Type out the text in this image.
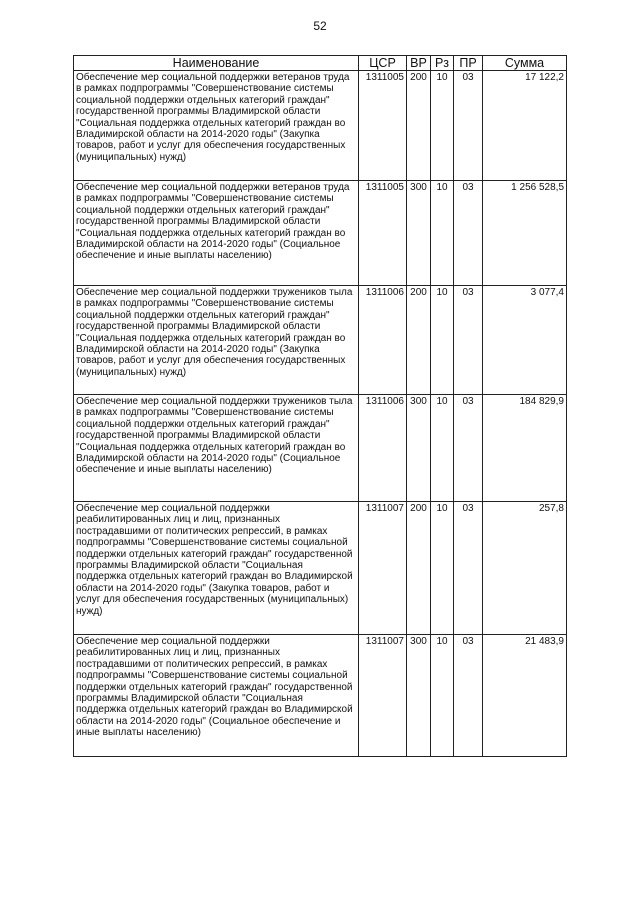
52
Наименование	ЦСР	ВР	Рз	ПР	Сумма
Обеспечение мер социальной поддержки ветеранов труда в рамках подпрограммы "Совершенствование системы социальной поддержки отдельных категорий граждан" государственной программы Владимирской области "Социальная поддержка отдельных категорий граждан во Владимирской области на 2014-2020 годы" (Закупка товаров, работ и услуг для обеспечения государственных (муниципальных) нужд)	1311005	200	10	03	17 122,2
Обеспечение мер социальной поддержки ветеранов труда в рамках подпрограммы "Совершенствование системы социальной поддержки отдельных категорий граждан" государственной программы Владимирской области "Социальная поддержка отдельных категорий граждан во Владимирской области на 2014-2020 годы" (Социальное обеспечение и иные выплаты населению)	1311005	300	10	03	1 256 528,5
Обеспечение мер социальной поддержки тружеников тыла в рамках подпрограммы "Совершенствование системы социальной поддержки отдельных категорий граждан" государственной программы Владимирской области "Социальная поддержка отдельных категорий граждан во Владимирской области на 2014-2020 годы" (Закупка товаров, работ и услуг для обеспечения государственных (муниципальных) нужд)	1311006	200	10	03	3 077,4
Обеспечение мер социальной поддержки тружеников тыла в рамках подпрограммы "Совершенствование системы социальной поддержки отдельных категорий граждан" государственной программы Владимирской области "Социальная поддержка отдельных категорий граждан во Владимирской области на 2014-2020 годы" (Социальное обеспечение и иные выплаты населению)	1311006	300	10	03	184 829,9
Обеспечение мер социальной поддержки реабилитированных лиц и лиц, признанных пострадавшими от политических репрессий, в рамках подпрограммы "Совершенствование системы социальной поддержки отдельных категорий граждан" государственной программы Владимирской области "Социальная поддержка отдельных категорий граждан во Владимирской области на 2014-2020 годы" (Закупка товаров, работ и услуг для обеспечения государственных (муниципальных) нужд)	1311007	200	10	03	257,8
Обеспечение мер социальной поддержки реабилитированных лиц и лиц, признанных пострадавшими от политических репрессий, в рамках подпрограммы "Совершенствование системы социальной поддержки отдельных категорий граждан" государственной программы Владимирской области "Социальная поддержка отдельных категорий граждан во Владимирской области на 2014-2020 годы" (Социальное обеспечение и иные выплаты населению)	1311007	300	10	03	21 483,9
